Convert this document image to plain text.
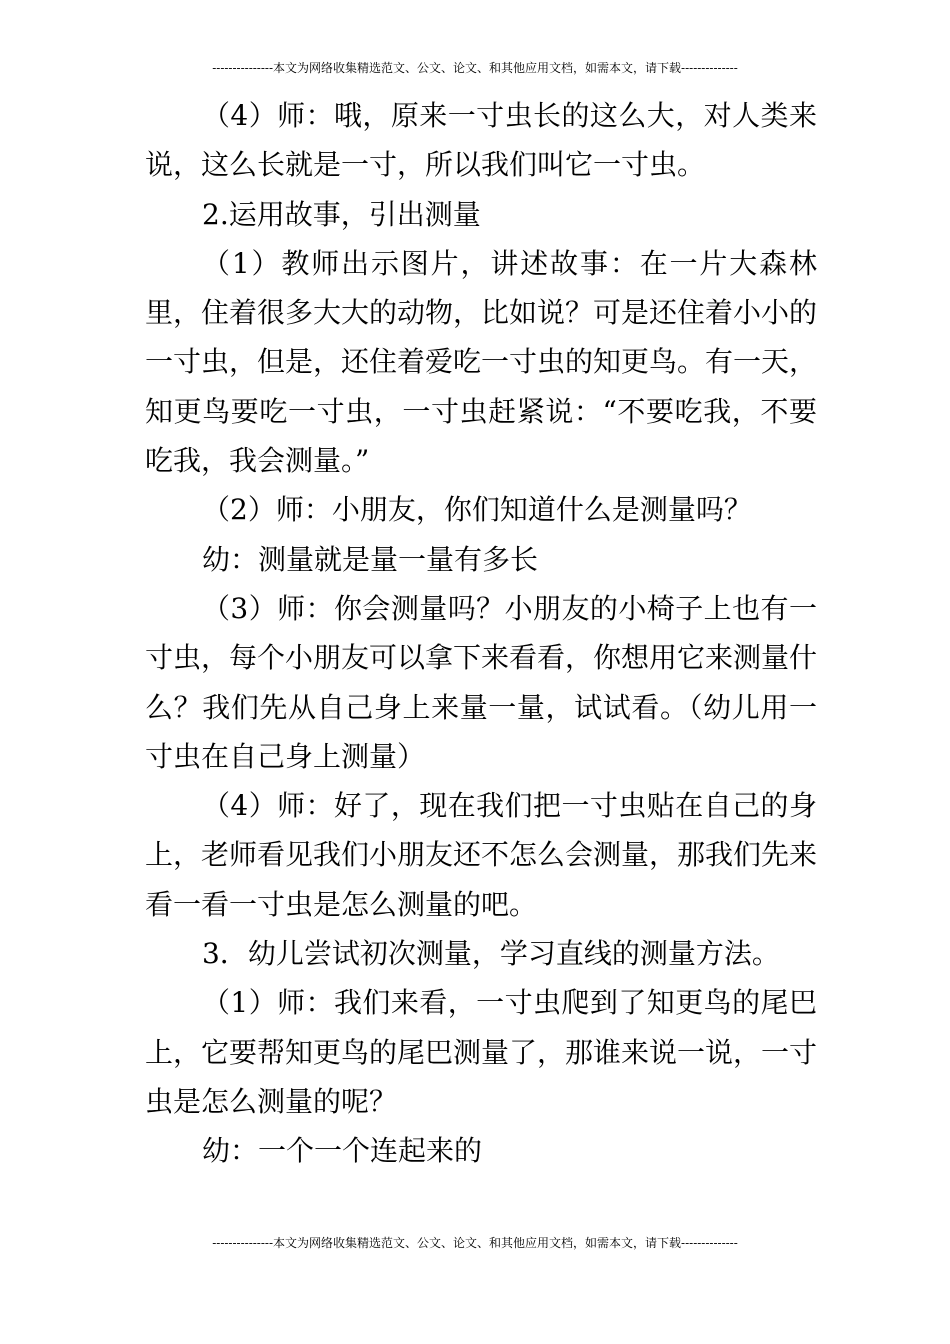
---------------本文为网络收集精选范文、公文、论文、和其他应用文档，如需本文，请下载--------------

（4）师：哦，原来一寸虫长的这么大，对人类来说，这么长就是一寸，所以我们叫它一寸虫。

2.运用故事，引出测量

（1）教师出示图片，讲述故事：在一片大森林里，住着很多大大的动物，比如说？可是还住着小小的一寸虫，但是，还住着爱吃一寸虫的知更鸟。有一天，知更鸟要吃一寸虫，一寸虫赶紧说：“不要吃我，不要吃我，我会测量。”

（2）师：小朋友，你们知道什么是测量吗？

幼：测量就是量一量有多长

（3）师：你会测量吗？小朋友的小椅子上也有一寸虫，每个小朋友可以拿下来看看，你想用它来测量什么？我们先从自己身上来量一量，试试看。（幼儿用一寸虫在自己身上测量）

（4）师：好了，现在我们把一寸虫贴在自己的身上，老师看见我们小朋友还不怎么会测量，那我们先来看一看一寸虫是怎么测量的吧。

3．幼儿尝试初次测量，学习直线的测量方法。

（1）师：我们来看，一寸虫爬到了知更鸟的尾巴上，它要帮知更鸟的尾巴测量了，那谁来说一说，一寸虫是怎么测量的呢？

幼：一个一个连起来的

---------------本文为网络收集精选范文、公文、论文、和其他应用文档，如需本文，请下载--------------
